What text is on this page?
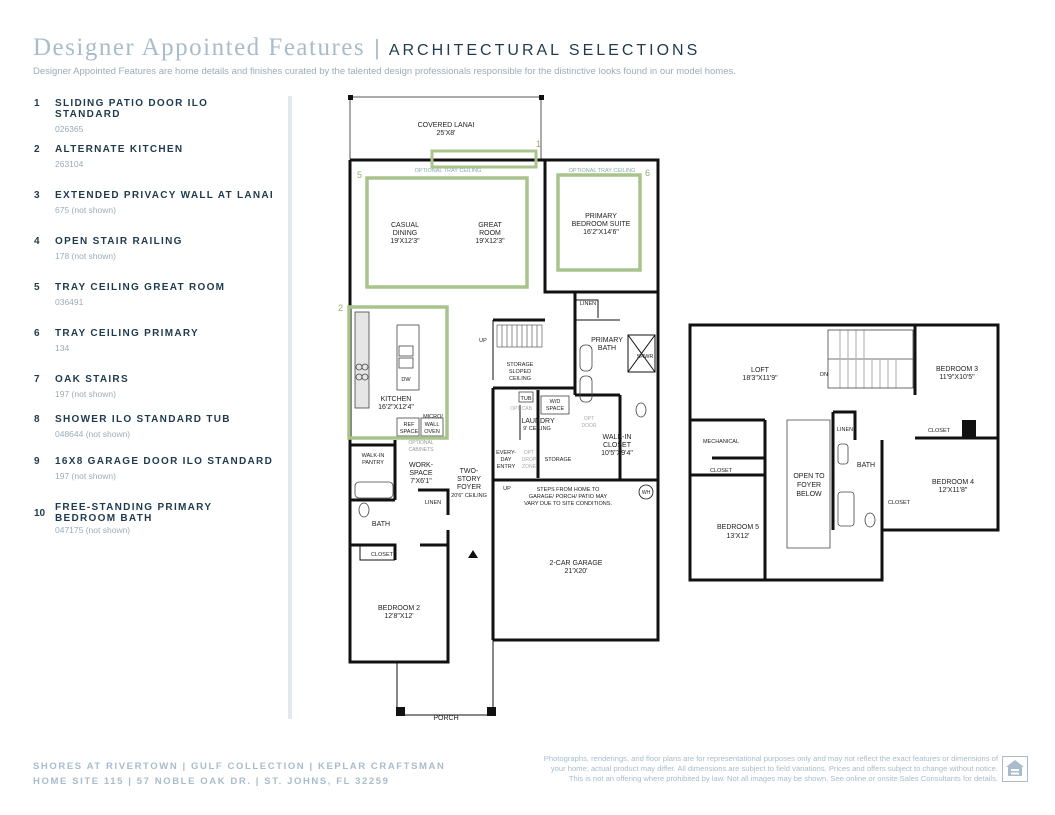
Designer Appointed Features | ARCHITECTURAL SELECTIONS
Designer Appointed Features are home details and finishes curated by the talented design professionals responsible for the distinctive looks found in our model homes.
1 SLIDING PATIO DOOR ILO STANDARD
026365
2 ALTERNATE KITCHEN
263104
3 EXTENDED PRIVACY WALL AT LANAI
675 (not shown)
4 OPEN STAIR RAILING
178 (not shown)
5 TRAY CEILING GREAT ROOM
036491
6 TRAY CEILING PRIMARY
134
7 OAK STAIRS
197 (not shown)
8 SHOWER ILO STANDARD TUB
048644 (not shown)
9 16X8 GARAGE DOOR ILO STANDARD
197 (not shown)
10
FREE-STANDING PRIMARY BEDROOM BATH
047175 (not shown)
1
2
5	6
COVERED LANAI
25'X8'
OPTIONAL TRAY CEILING	OPTIONAL TRAY CEILING
CASUAL
DINING
19'X12'3"
GREAT
ROOM
19'X12'3"
PRIMARY
BEDROOM SUITE
16'2"X14'6"
LINEN
UP
STORAGE
SLOPED
CEILING
PRIMARY
BATH
SHWR
DW
KITCHEN
16'2"X12'4"
MICRO/
REF
SPACE
WALL
OVEN
OPTIONAL
CABINETS
TUB	W/D
SPACE
OPT CAB
LAUNDRY
9' CEILING
OPT
DOOR
WALK-IN
CLOSET
10'5"X9'4"
WALK-IN
PANTRY	WORK-
SPACE
7'X6'1"
TWO-
STORY
FOYER
20'6" CEILING
EVERY-
DAY
ENTRY
OPT
DROP
ZONE
STORAGE
UP	STEPS FROM HOME TO
GARAGE/ PORCH/ PATIO MAY
VARY DUE TO SITE CONDITIONS.
LINEN
BATH
CLOSET
2-CAR GARAGE
21'X20'
BEDROOM 2
12'8"X12'
PORCH
WH
LOFT
18'3"X11'9"	DN
BEDROOM 3
11'9"X10'5"
CLOSET
LINEN
MECHANICAL
CLOSET
BATH
BEDROOM 4
12'X11'8"
CLOSET
OPEN TO
FOYER
BELOW
BEDROOM 5
13'X12'
SHORES AT RIVERTOWN | GULF COLLECTION | KEPLAR CRAFTSMAN
HOME SITE 115 | 57 NOBLE OAK DR. | ST. JOHNS, FL 32259
Photographs, renderings, and floor plans are for representational purposes only and may not reflect the exact features or dimensions of
your home; actual product may differ. All dimensions are subject to field variations. Prices and offers subject to change without notice.
This is not an offering where prohibited by law. Not all images may be shown. See online or onsite Sales Consultants for details.
